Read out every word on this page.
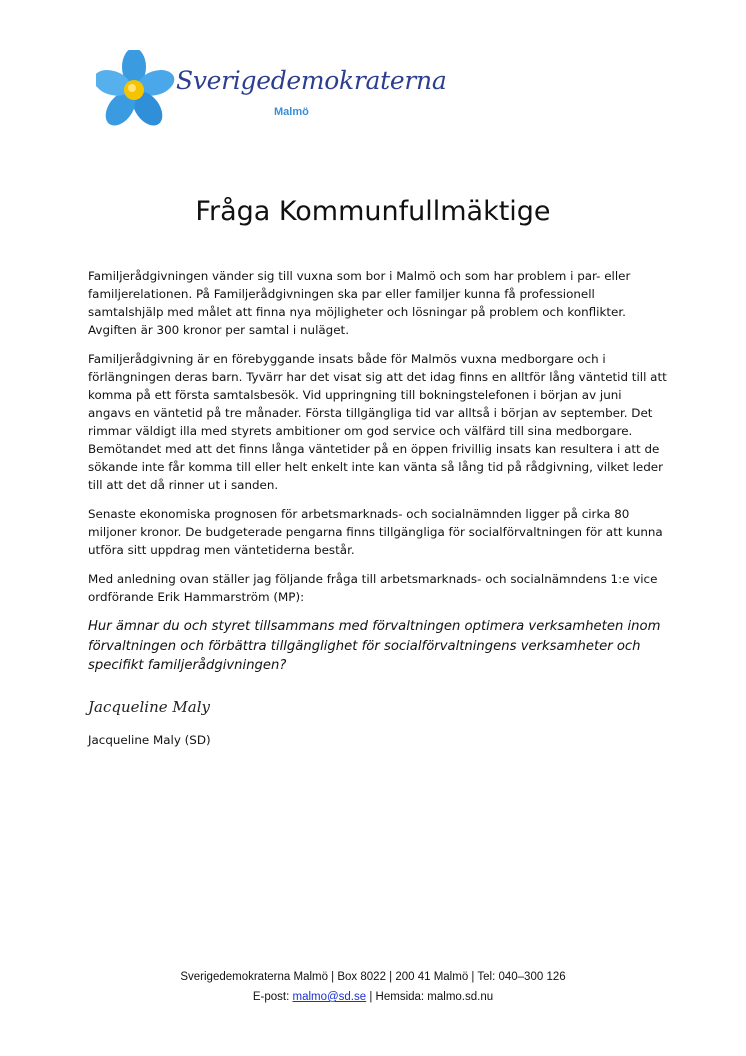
Sverigedemokraterna
Malmö
Fråga Kommunfullmäktige

Familjerådgivningen vänder sig till vuxna som bor i Malmö och som har problem i par- eller familjerelationen. På Familjerådgivningen ska par eller familjer kunna få professionell samtalshjälp med målet att finna nya möjligheter och lösningar på problem och konflikter. Avgiften är 300 kronor per samtal i nuläget.

Familjerådgivning är en förebyggande insats både för Malmös vuxna medborgare och i förlängningen deras barn. Tyvärr har det visat sig att det idag finns en alltför lång väntetid till att komma på ett första samtalsbesök. Vid uppringning till bokningstelefonen i början av juni angavs en väntetid på tre månader. Första tillgängliga tid var alltså i början av september. Det rimmar väldigt illa med styrets ambitioner om god service och välfärd till sina medborgare. Bemötandet med att det finns långa väntetider på en öppen frivillig insats kan resultera i att de sökande inte får komma till eller helt enkelt inte kan vänta så lång tid på rådgivning, vilket leder till att det då rinner ut i sanden.

Senaste ekonomiska prognosen för arbetsmarknads- och socialnämnden ligger på cirka 80 miljoner kronor. De budgeterade pengarna finns tillgängliga för socialförvaltningen för att kunna utföra sitt uppdrag men väntetiderna består.

Med anledning ovan ställer jag följande fråga till arbetsmarknads- och socialnämndens 1:e vice ordförande Erik Hammarström (MP):

Hur ämnar du och styret tillsammans med förvaltningen optimera verksamheten inom förvaltningen och förbättra tillgänglighet för socialförvaltningens verksamheter och specifikt familjerådgivningen?

Jacqueline Maly
Jacqueline Maly (SD)
Sverigedemokraterna Malmö | Box 8022 | 200 41 Malmö | Tel: 040–300 126
E-post: malmo@sd.se | Hemsida: malmo.sd.nu
